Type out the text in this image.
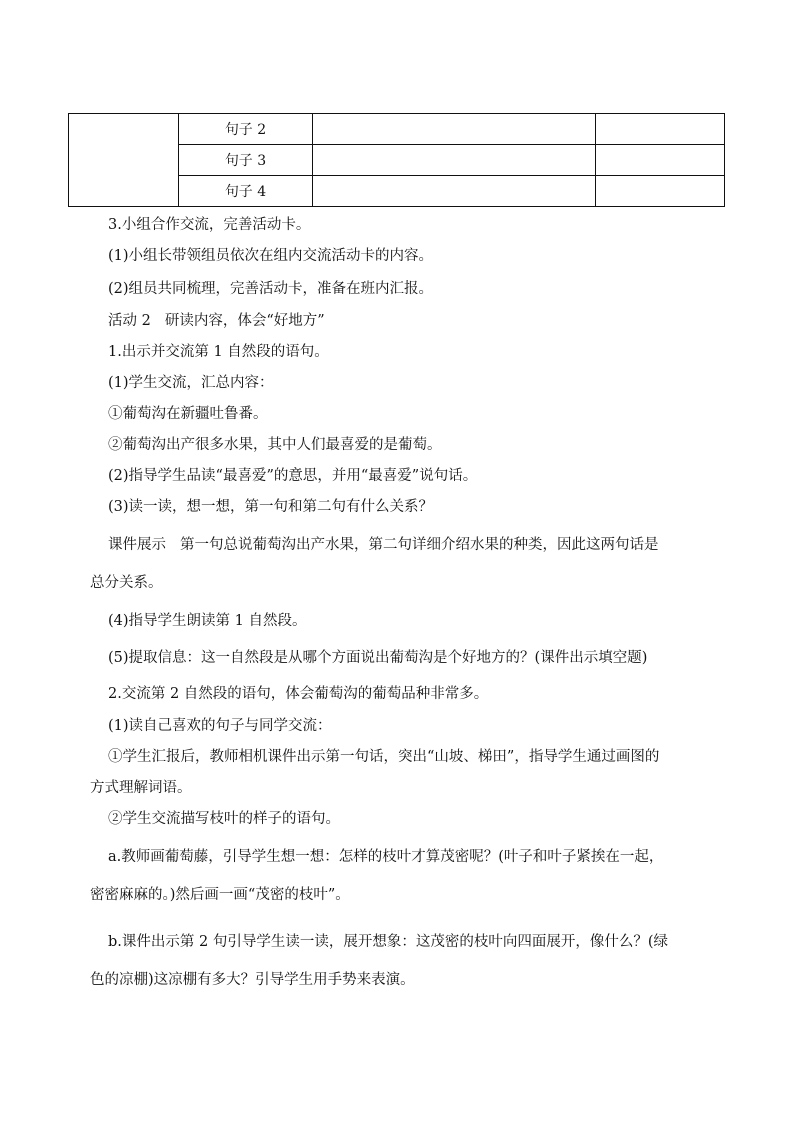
	句子 2		
	句子 3		
	句子 4		
3.小组合作交流，完善活动卡。
(1)小组长带领组员依次在组内交流活动卡的内容。
(2)组员共同梳理，完善活动卡，准备在班内汇报。
活动 2 研读内容，体会“好地方”
1.出示并交流第 1 自然段的语句。
(1)学生交流，汇总内容：
①葡萄沟在新疆吐鲁番。
②葡萄沟出产很多水果，其中人们最喜爱的是葡萄。
(2)指导学生品读“最喜爱”的意思，并用“最喜爱”说句话。
(3)读一读，想一想，第一句和第二句有什么关系？
课件展示 第一句总说葡萄沟出产水果，第二句详细介绍水果的种类，因此这两句话是
总分关系。
(4)指导学生朗读第 1 自然段。
(5)提取信息：这一自然段是从哪个方面说出葡萄沟是个好地方的？(课件出示填空题)
2.交流第 2 自然段的语句，体会葡萄沟的葡萄品种非常多。
(1)读自己喜欢的句子与同学交流：
①学生汇报后，教师相机课件出示第一句话，突出“山坡、梯田”，指导学生通过画图的
方式理解词语。
②学生交流描写枝叶的样子的语句。
a.教师画葡萄藤，引导学生想一想：怎样的枝叶才算茂密呢？(叶子和叶子紧挨在一起，
密密麻麻的。)然后画一画“茂密的枝叶”。
b.课件出示第 2 句引导学生读一读，展开想象：这茂密的枝叶向四面展开，像什么？(绿
色的凉棚)这凉棚有多大？引导学生用手势来表演。
